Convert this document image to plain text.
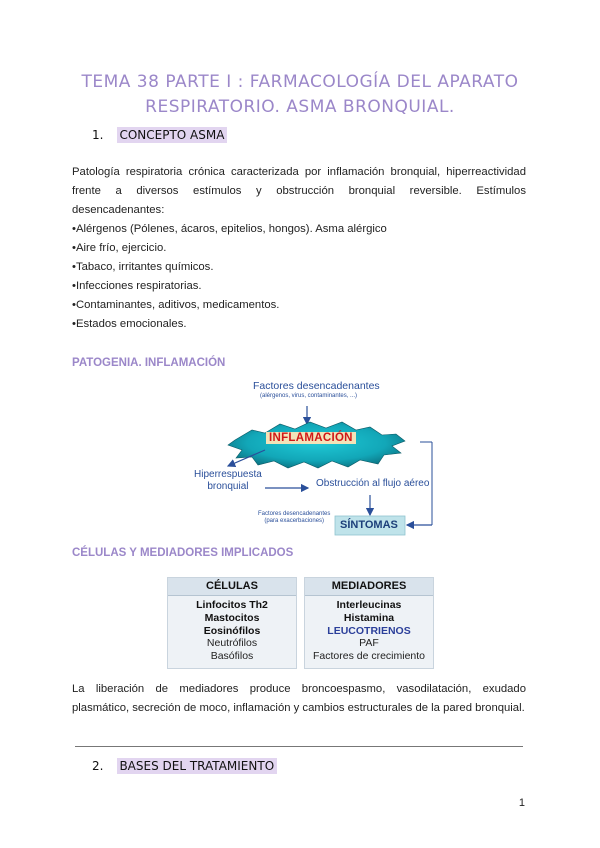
TEMA 38 PARTE I : FARMACOLOGÍA DEL APARATO
RESPIRATORIO. ASMA BRONQUIAL.
1. CONCEPTO ASMA
Patología respiratoria crónica caracterizada por inflamación bronquial, hiperreactividad frente a diversos estímulos y obstrucción bronquial reversible. Estímulos desencadenantes:
• Alérgenos (Pólenes, ácaros, epitelios, hongos). Asma alérgico
• Aire frío, ejercicio.
• Tabaco, irritantes químicos.
• Infecciones respiratorias.
• Contaminantes, aditivos, medicamentos.
• Estados emocionales.
PATOGENIA. INFLAMACIÓN
Factores desencadenantes
(alérgenos, virus, contaminantes, ...)
INFLAMACIÓN
Hiperrespuesta
bronquial	Obstrucción al flujo aéreo
Factores desencadenantes
(para exacerbaciones)	SÍNTOMAS
CÉLULAS Y MEDIADORES IMPLICADOS
CÉLULAS
Linfocitos Th2
Mastocitos
Eosinófilos
Neutrófilos
Basófilos
MEDIADORES
Interleucinas
Histamina
LEUCOTRIENOS
PAF
Factores de crecimiento
La liberación de mediadores produce broncoespasmo, vasodilatación, exudado plasmático, secreción de moco, inflamación y cambios estructurales de la pared bronquial.
2. BASES DEL TRATAMIENTO
1
